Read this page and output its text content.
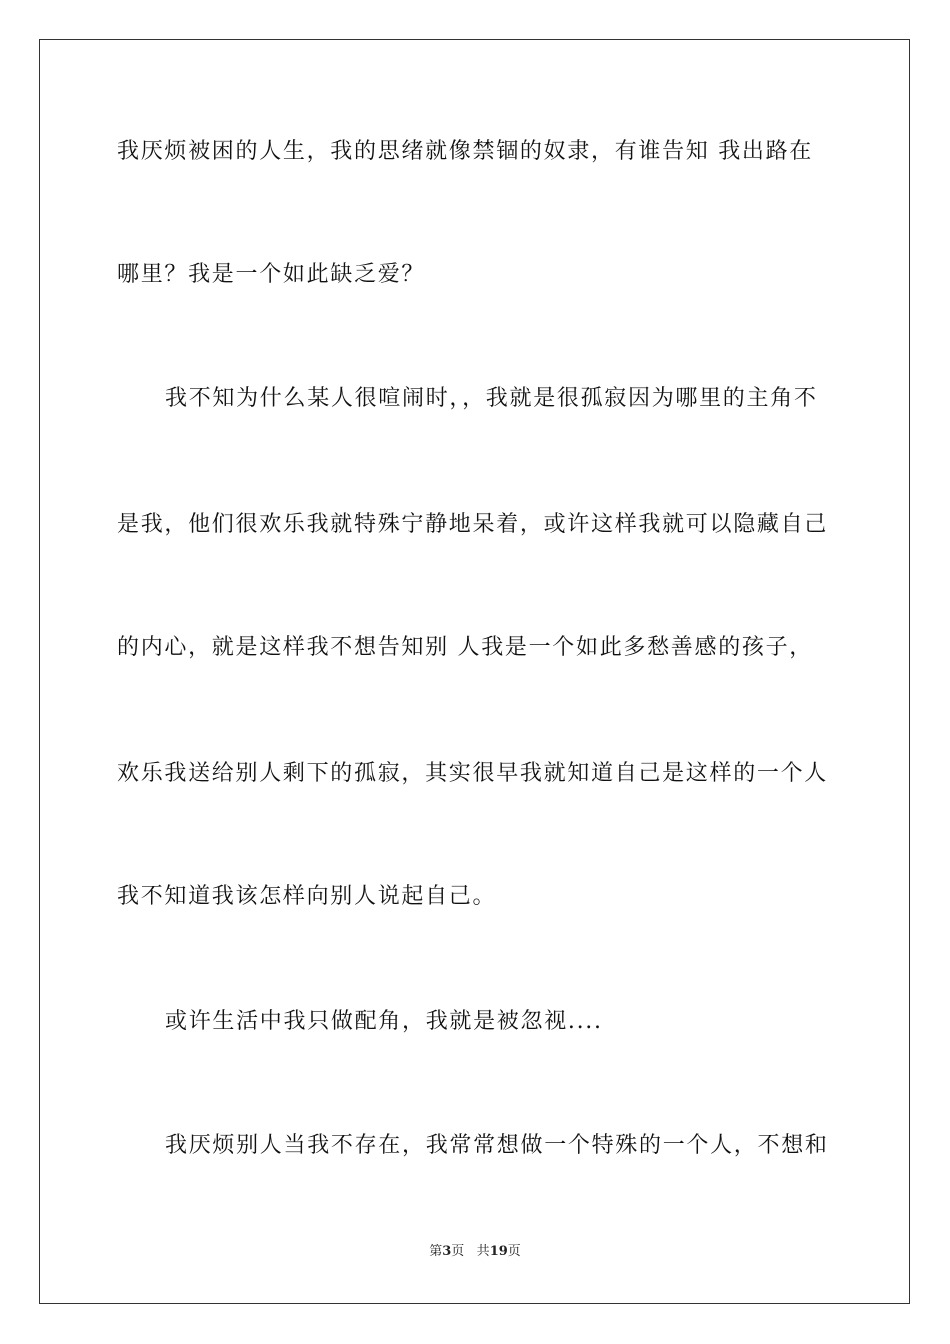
我厌烦被困的人生，我的思绪就像禁锢的奴隶，有谁告知 我出路在
哪里？我是一个如此缺乏爱？
我不知为什么某人很喧闹时，，我就是很孤寂因为哪里的主角不
是我，他们很欢乐我就特殊宁静地呆着，或许这样我就可以隐藏自己
的内心，就是这样我不想告知别 人我是一个如此多愁善感的孩子，
欢乐我送给别人剩下的孤寂，其实很早我就知道自己是这样的一个人
我不知道我该怎样向别人说起自己。
或许生活中我只做配角，我就是被忽视....
我厌烦别人当我不存在，我常常想做一个特殊的一个人，不想和
第3页 共19页
